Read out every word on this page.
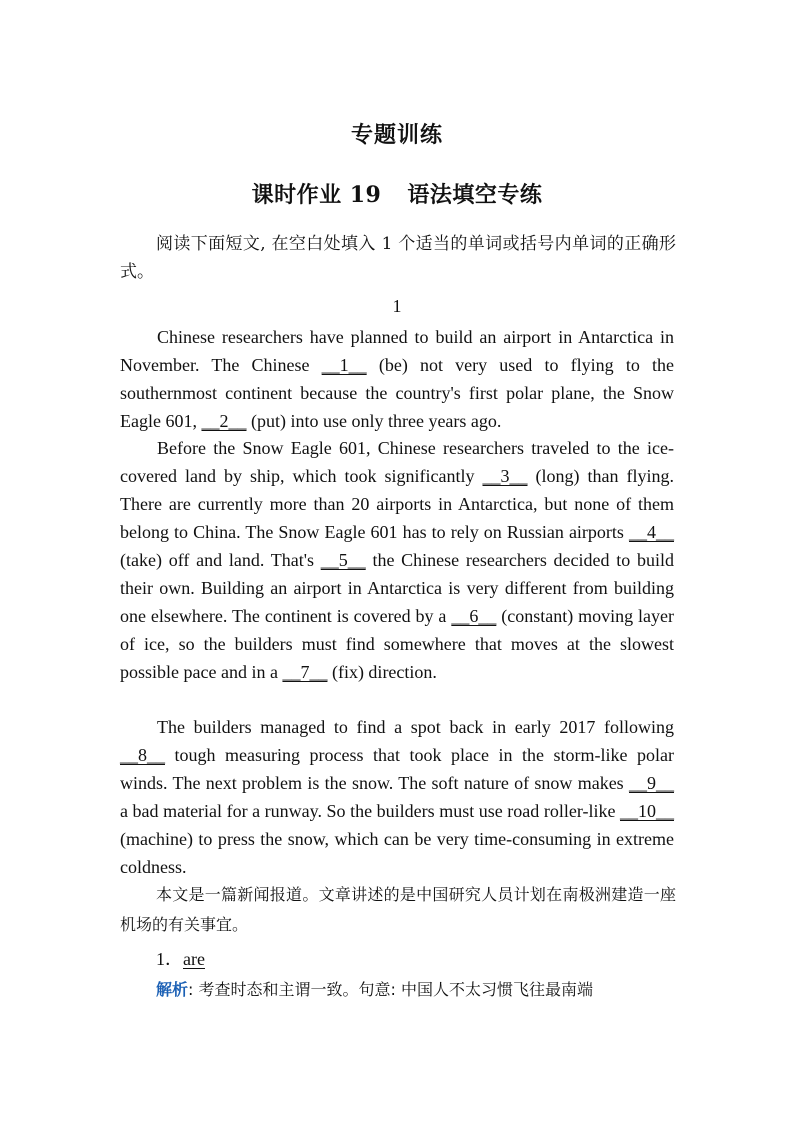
专题训练
课时作业 19 语法填空专练
阅读下面短文, 在空白处填入 1 个适当的单词或括号内单词的正确形式。
1

Chinese researchers have planned to build an airport in Antarctica in November. The Chinese __1__ (be) not very used to flying to the southernmost continent because the country's first polar plane, the Snow Eagle 601, __2__ (put) into use only three years ago.

Before the Snow Eagle 601, Chinese researchers traveled to the ice-covered land by ship, which took significantly __3__ (long) than flying. There are currently more than 20 airports in Antarctica, but none of them belong to China. The Snow Eagle 601 has to rely on Russian airports __4__ (take) off and land. That's __5__ the Chinese researchers decided to build their own. Building an airport in Antarctica is very different from building one elsewhere. The continent is covered by a __6__ (constant) moving layer of ice, so the builders must find somewhere that moves at the slowest possible pace and in a __7__ (fix) direction.

The builders managed to find a spot back in early 2017 following __8__ tough measuring process that took place in the storm-like polar winds. The next problem is the snow. The soft nature of snow makes __9__ a bad material for a runway. So the builders must use road roller-like __10__ (machine) to press the snow, which can be very time-consuming in extreme coldness.

本文是一篇新闻报道。文章讲述的是中国研究人员计划在南极洲建造一座机场的有关事宜。
1．are
解析: 考查时态和主谓一致。句意: 中国人不太习惯飞往最南端
